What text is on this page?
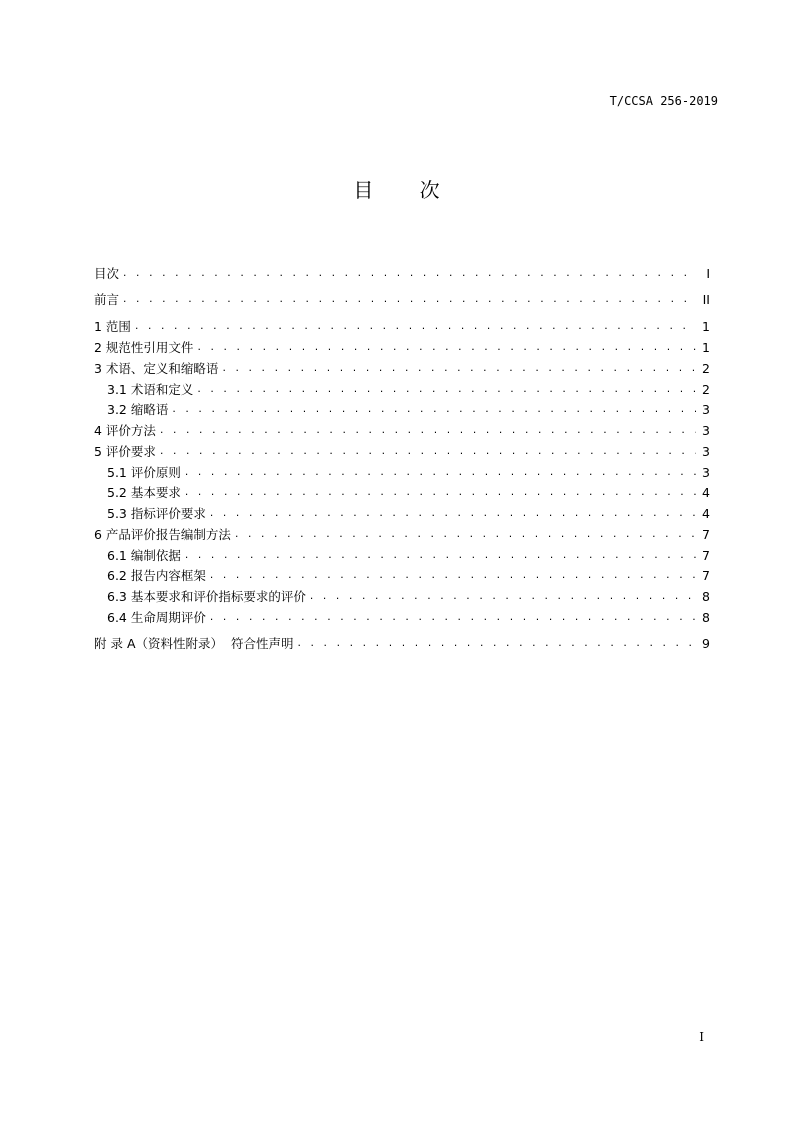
T/CCSA 256-2019
目 次
目次 . . .	I
前言 . . .	II
1 范围 . . .	1
2 规范性引用文件 . . .	1
3 术语、定义和缩略语 . . .	2
3.1 术语和定义 . . .	2
3.2 缩略语 . . .	3
4 评价方法 . . .	3
5 评价要求 . . .	3
5.1 评价原则 . . .	3
5.2 基本要求 . . .	4
5.3 指标评价要求 . . .	4
6 产品评价报告编制方法 . . .	7
6.1 编制依据 . . .	7
6.2 报告内容框架 . . .	7
6.3 基本要求和评价指标要求的评价 . . .	8
6.4 生命周期评价 . . .	8
附 录 A（资料性附录）  符合性声明 . . .	9
I
